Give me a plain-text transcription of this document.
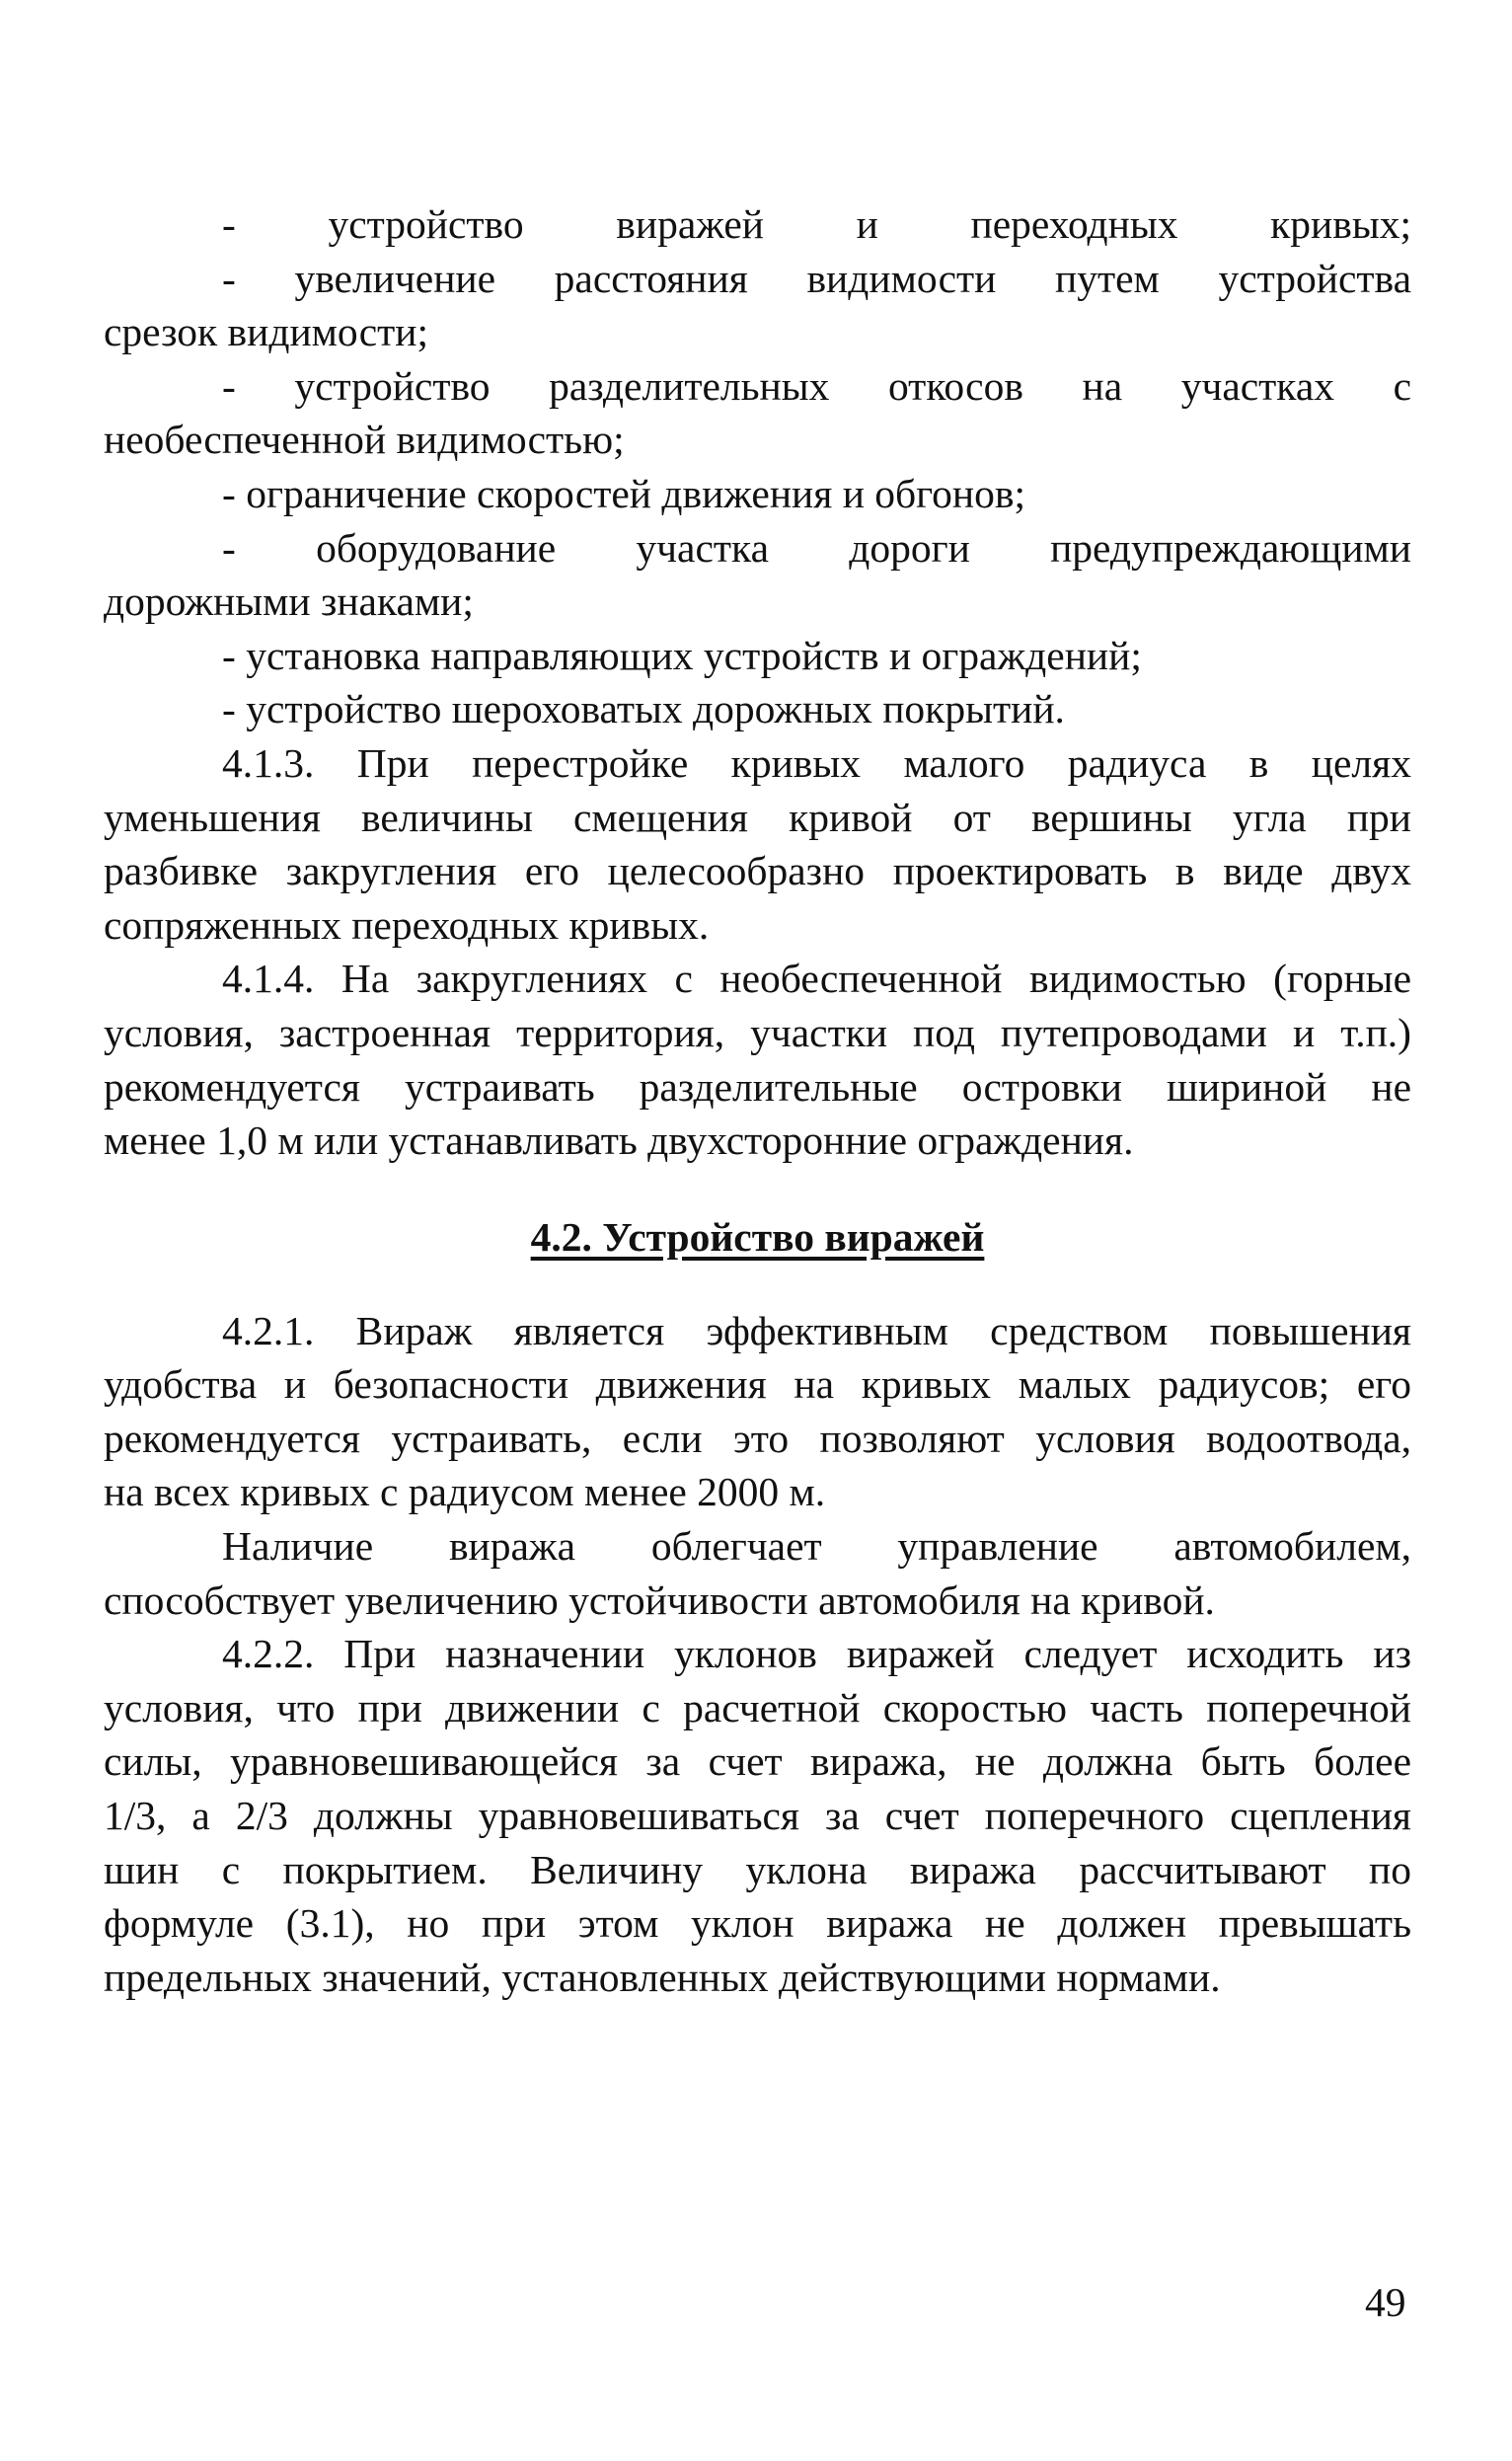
- устройство виражей и переходных кривых;
- увеличение расстояния видимости путем устройства
срезок видимости;
- устройство разделительных откосов на участках с
необеспеченной видимостью;
- ограничение скоростей движения и обгонов;
- оборудование участка дороги предупреждающими
дорожными знаками;
- установка направляющих устройств и ограждений;
- устройство шероховатых дорожных покрытий.
4.1.3. При перестройке кривых малого радиуса в целях
уменьшения величины смещения кривой от вершины угла при
разбивке закругления его целесообразно проектировать в виде двух
сопряженных переходных кривых.
4.1.4. На закруглениях с необеспеченной видимостью (горные
условия, застроенная территория, участки под путепроводами и т.п.)
рекомендуется устраивать разделительные островки шириной не
менее 1,0 м или устанавливать двухсторонние ограждения.
4.2. Устройство виражей
4.2.1. Вираж является эффективным средством повышения
удобства и безопасности движения на кривых малых радиусов; его
рекомендуется устраивать, если это позволяют условия водоотвода,
на всех кривых с радиусом менее 2000 м.
Наличие виража облегчает управление автомобилем,
способствует увеличению устойчивости автомобиля на кривой.
4.2.2. При назначении уклонов виражей следует исходить из
условия, что при движении с расчетной скоростью часть поперечной
силы, уравновешивающейся за счет виража, не должна быть более
1/3, а 2/3 должны уравновешиваться за счет поперечного сцепления
шин с покрытием. Величину уклона виража рассчитывают по
формуле (3.1), но при этом уклон виража не должен превышать
предельных значений, установленных действующими нормами.
49
